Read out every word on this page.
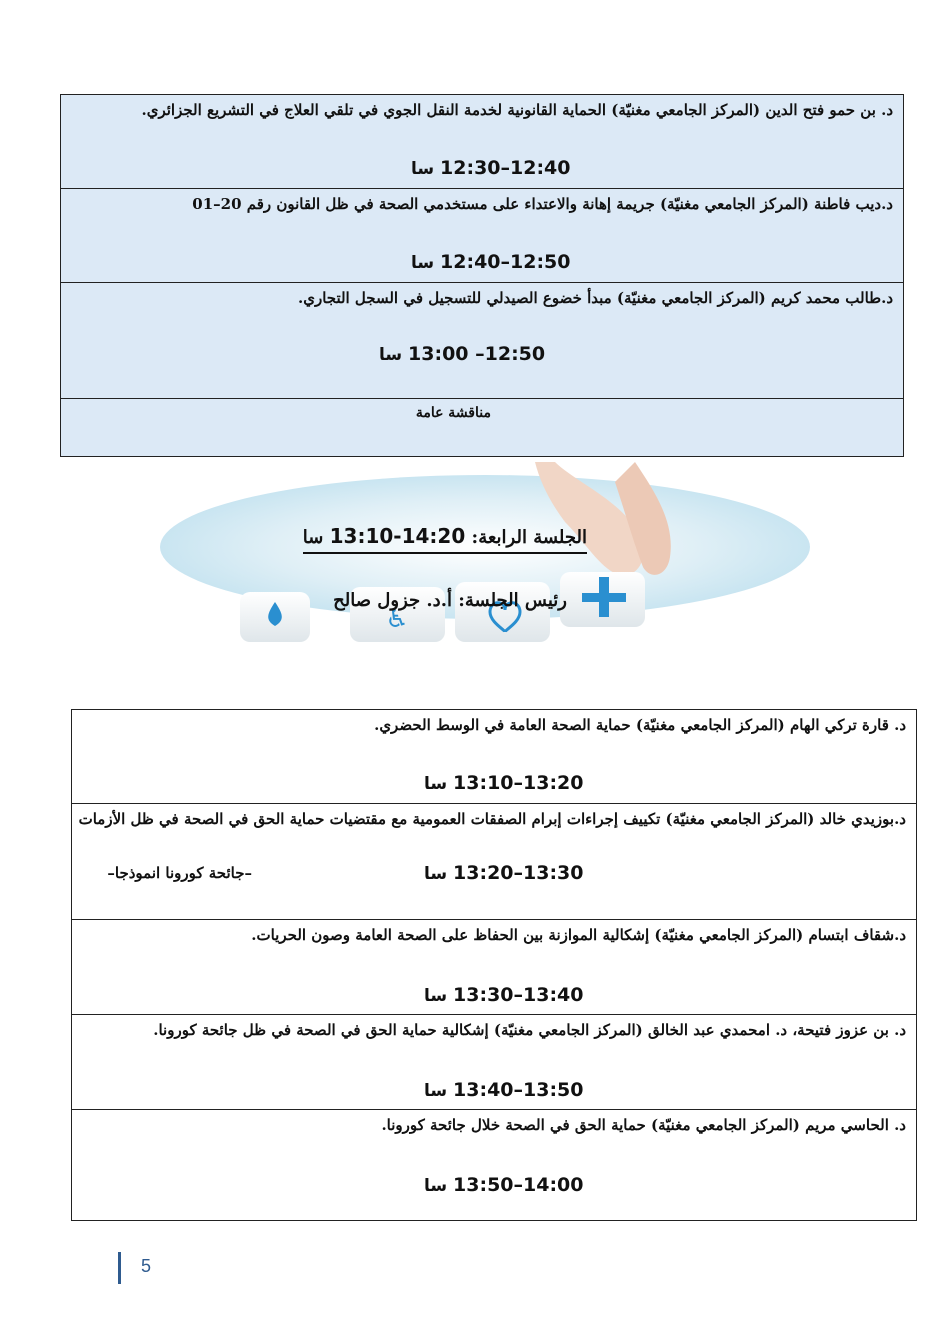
د. بن حمو فتح الدين (المركز الجامعي مغنيّة) الحماية القانونية لخدمة النقل الجوي في تلقي العلاج في التشريع الجزائري.
12:40–12:30 سا
د.ديب فاطنة (المركز الجامعي مغنيّة) جريمة إهانة والاعتداء على مستخدمي الصحة في ظل القانون رقم 20–01
12:50–12:40 سا
د.طالب محمد كريم (المركز الجامعي مغنيّة) مبدأ خضوع الصيدلي للتسجيل في السجل التجاري.
12:50– 13:00 سا
مناقشة عامة
♿
الجلسة الرابعة: 14:20-13:10 سا
رئيس الجلسة: أ.د. جزول صالح
د. قارة تركي الهام (المركز الجامعي مغنيّة) حماية الصحة العامة في الوسط الحضري.
13:20–13:10 سا
د.بوزيدي خالد (المركز الجامعي مغنيّة) تكييف إجراءات إبرام الصفقات العمومية مع مقتضيات حماية الحق في الصحة في ظل الأزمات
–جائحة كورونا انموذجا–	13:30–13:20 سا
د.شقاف ابتسام (المركز الجامعي مغنيّة) إشكالية الموازنة بين الحفاظ على الصحة العامة وصون الحريات.
13:40–13:30 سا
د. بن عزوز فتيحة، د. امحمدي عبد الخالق (المركز الجامعي مغنيّة) إشكالية حماية الحق في الصحة في ظل جائحة كورونا.
13:50–13:40 سا
د. الحاسي مريم (المركز الجامعي مغنيّة) حماية الحق في الصحة خلال جائحة كورونا.
14:00–13:50 سا
5
